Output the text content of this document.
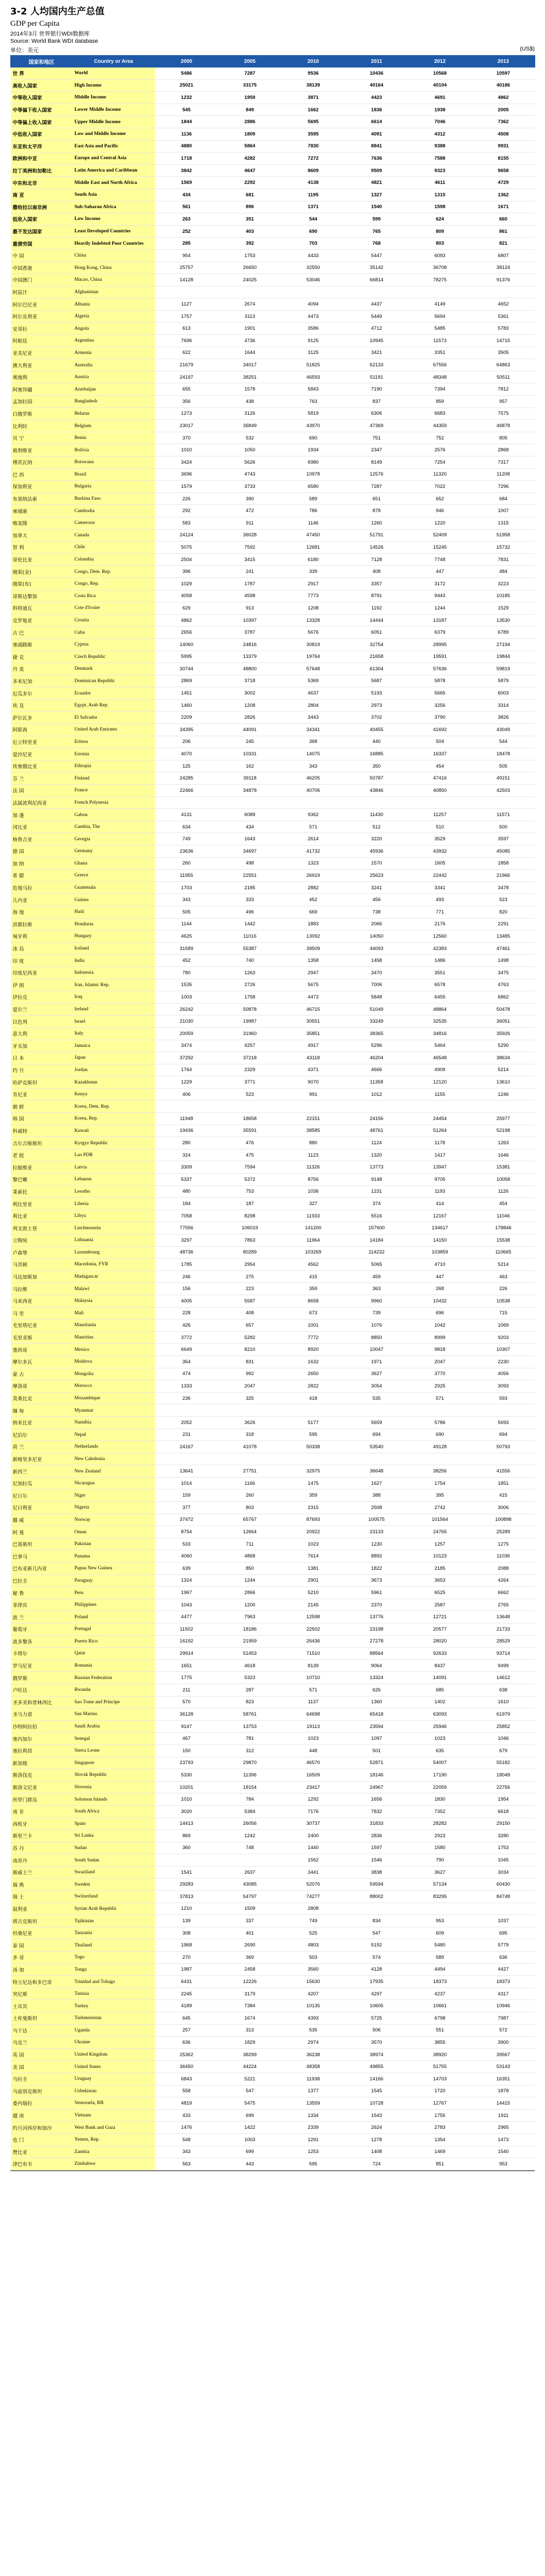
3-2 人均国内生产总值
GDP per Capita
2014年3月 世界银行WDI数据库
Source: World Bank WDI database
单位：美元	(US$)
国家和地区	Country or Area	2000	2005	2010	2011	2012	2013
世 界	World	5486	7287	9536	10436	10568	10597
高收入国家	High Income	25021	33175	38139	40164	40104	40186
中等收入国家	Middle Income	1232	1959	3871	4423	4691	4862
中等偏下收入国家	Lower Middle Income	545	849	1662	1836	1938	2005
中等偏上收入国家	Upper Middle Income	1844	2886	5695	6614	7046	7362
中低收入国家	Low and Middle Income	1136	1809	3595	4091	4312	4508
东亚和太平洋	East Asia and Pacific	4880	5864	7830	8841	9388	9931
欧洲和中亚	Europe and Central Asia	1718	4282	7272	7636	7588	8155
拉丁美洲和加勒比	Latin America and Caribbean	3842	4647	8609	9509	9323	9658
中东和北非	Middle East and North Africa	1569	2292	4138	4821	4611	4729
南 亚	South Asia	434	681	1195	1327	1315	1362
撒哈拉以南非洲	Sub-Saharan Africa	561	896	1371	1540	1598	1671
低收入国家	Low Income	263	351	544	599	624	660
最不发达国家	Least Developed Countries	252	403	690	765	809	861
重债穷国	Heavily Indebted Poor Countries	285	392	703	768	803	821
中 国	China	954	1753	4433	5447	6093	6807
中国香港	Hong Kong, China	25757	26650	32550	35142	36708	38124
中国澳门	Macao, China	14128	24025	53046	66814	78275	91376
阿富汗	Afghanistan						
阿尔巴尼亚	Albania	1127	2674	4094	4437	4149	4652
阿尔及利亚	Algeria	1757	3113	4473	5449	5694	5361
安哥拉	Angola	613	1901	3586	4712	5485	5783
阿根廷	Argentina	7696	4736	9125	10945	11573	14715
亚美尼亚	Armenia	622	1644	3125	3421	3351	3505
澳大利亚	Australia	21679	34017	51825	62133	67556	64863
奥地利	Austria	24197	38251	46593	51191	48348	50511
阿塞拜疆	Azerbaijan	655	1578	5843	7190	7394	7812
孟加拉国	Bangladesh	356	438	763	837	859	957
白俄罗斯	Belarus	1273	3126	5819	6306	6683	7575
比利时	Belgium	23017	36849	43970	47369	44359	46878
贝 宁	Benin	370	532	690	751	752	805
玻利维亚	Bolivia	1010	1050	1934	2347	2576	2868
博茨瓦纳	Botswana	3424	5626	6980	8149	7254	7317
巴 西	Brazil	3696	4743	10978	12576	11320	11208
保加利亚	Bulgaria	1579	3733	6580	7287	7022	7296
布基纳法索	Burkina Faso	226	390	589	651	652	684
柬埔寨	Cambodia	292	472	786	878	946	1007
喀麦隆	Cameroon	583	911	1146	1260	1220	1315
加拿大	Canada	24124	36028	47450	51791	52409	51958
智 利	Chile	5075	7592	12681	14526	15245	15732
哥伦比亚	Colombia	2504	3415	6180	7128	7748	7831
刚果(金)	Congo, Dem. Rep.	396	241	339	408	447	484
刚果(布)	Congo, Rep.	1029	1787	2917	3357	3172	3223
哥斯达黎加	Costa Rica	4058	4598	7773	8791	9443	10185
科特迪瓦	Cote d'Ivoire	629	913	1208	1192	1244	1529
克罗地亚	Croatia	4862	10397	13328	14444	13187	13530
古 巴	Cuba	2656	3787	5676	6051	6379	6789
塞浦路斯	Cyprus	14060	24816	30819	32754	28995	27194
捷 克	Czech Republic	5995	13379	19764	21658	19591	19844
丹 麦	Denmark	30744	48800	57648	61304	57636	59819
多米尼加	Dominican Republic	2869	3718	5369	5687	5878	5879
厄瓜多尔	Ecuador	1451	3002	4637	5193	5665	6003
埃 及	Egypt, Arab Rep.	1460	1208	2804	2973	3256	3314
萨尔瓦多	El Salvador	2209	2826	3443	3702	3790	3826
阿联酋	United Arab Emirates	34395	44091	34341	40455	41692	43049
厄立特里亚	Eritrea	206	245	368	440	504	544
爱沙尼亚	Estonia	4070	10331	14075	16885	16337	18478
埃塞俄比亚	Ethiopia	125	162	343	350	454	505
芬 兰	Finland	24285	39118	46205	50787	47416	49151
法 国	France	22466	34878	40706	43846	40850	42503
法属波利尼西亚	French Polynesia						
加 蓬	Gabon	4131	6089	9362	11430	11257	11571
冈比亚	Gambia, The	634	434	571	512	510	500
格鲁吉亚	Georgia	749	1643	2614	3220	3529	3597
德 国	Germany	23636	34697	41732	45936	43932	45085
加 纳	Ghana	260	498	1323	1570	1605	1858
希 腊	Greece	11955	22551	26919	25623	22442	21966
危地马拉	Guatemala	1703	2185	2882	3241	3341	3478
几内亚	Guinea	343	333	452	456	493	523
海 地	Haiti	505	496	669	738	771	820
洪都拉斯	Honduras	1144	1442	1883	2066	2176	2291
匈牙利	Hungary	4625	11016	13092	14050	12560	13485
冰 岛	Iceland	31589	55387	39509	44093	42383	47461
印 度	India	452	740	1358	1458	1486	1498
印度尼西亚	Indonesia	780	1263	2947	3470	3551	3475
伊 朗	Iran, Islamic Rep.	1535	2726	5675	7006	6578	4763
伊拉克	Iraq	1003	1758	4473	5848	6455	6862
爱尔兰	Ireland	26242	50878	46715	51049	48864	50478
以色列	Israel	21030	19987	30551	33249	32535	36051
意大利	Italy	20059	31960	35851	38365	34816	35926
牙买加	Jamaica	3474	4257	4917	5296	5464	5290
日 本	Japan	37292	37218	43118	46204	46548	38634
约 旦	Jordan	1764	2329	4371	4666	4909	5214
哈萨克斯坦	Kazakhstan	1229	3771	9070	11358	12120	13610
肯尼亚	Kenya	406	523	991	1012	1155	1246
朝 鲜	Korea, Dem. Rep.						
韩 国	Korea, Rep.	11948	18658	22151	24156	24454	25977
科威特	Kuwait	19436	35591	38585	48761	51264	52198
吉尔吉斯斯坦	Kyrgyz Republic	280	476	880	1124	1178	1263
老 挝	Lao PDR	324	475	1123	1320	1417	1646
拉脱维亚	Latvia	3309	7594	11326	13773	13947	15381
黎巴嫩	Lebanon	5337	5372	8756	9148	9705	10058
莱索托	Lesotho	480	753	1036	1231	1193	1126
利比里亚	Liberia	184	187	327	374	414	454
利比亚	Libya	7058	8298	11933	5516	12167	11046
列支敦士登	Liechtenstein	77556	106019	141200	157600	134617	178846
立陶宛	Lithuania	3297	7863	11964	14184	14150	15538
卢森堡	Luxembourg	48736	80289	103269	114232	103859	110665
马其顿	Macedonia, FYR	1785	2954	4562	5065	4710	5214
马达加斯加	Madagascar	246	275	415	459	447	463
马拉维	Malawi	156	223	359	363	268	226
马来西亚	Malaysia	4005	5587	8658	9960	10432	10538
马 里	Mali	228	408	673	739	696	715
毛里塔尼亚	Mauritania	426	657	1001	1076	1042	1069
毛里求斯	Mauritius	3772	5282	7772	8850	8999	9203
墨西哥	Mexico	6649	8210	8920	10047	9818	10307
摩尔多瓦	Moldova	354	831	1632	1971	2047	2230
蒙 古	Mongolia	474	992	2650	3627	3770	4056
摩洛哥	Morocco	1333	2047	2822	3054	2925	3093
莫桑比克	Mozambique	236	325	418	535	571	593
缅 甸	Myanmar						
纳米比亚	Namibia	2052	3626	5177	5659	5786	5693
尼泊尔	Nepal	231	318	595	694	690	694
荷 兰	Netherlands	24167	41078	50338	53540	49128	50793
新喀里多尼亚	New Caledonia						
新西兰	New Zealand	13641	27751	32975	36648	38256	41556
尼加拉瓜	Nicaragua	1014	1166	1475	1627	1754	1851
尼日尔	Niger	159	260	359	388	395	415
尼日利亚	Nigeria	377	803	2315	2508	2742	3006
挪 威	Norway	37472	65767	87693	100575	101564	100898
阿 曼	Oman	8754	12664	20922	23133	24765	25289
巴基斯坦	Pakistan	533	711	1023	1230	1257	1275
巴拿马	Panama	4060	4868	7614	8892	10123	11036
巴布亚新几内亚	Papua New Guinea	639	850	1381	1822	2185	2088
巴拉圭	Paraguay	1324	1244	2901	3673	3653	4264
秘 鲁	Peru	1967	2866	5210	5961	6525	6662
菲律宾	Philippines	1043	1200	2145	2370	2587	2765
波 兰	Poland	4477	7963	12598	13776	12721	13648
葡萄牙	Portugal	11502	18186	22502	23198	20577	21733
波多黎各	Puerto Rico	16192	21959	26436	27278	28020	28529
卡塔尔	Qatar	29914	51453	71510	88564	92633	93714
罗马尼亚	Romania	1651	4618	8139	9064	8437	9499
俄罗斯	Russian Federation	1775	5323	10710	13324	14091	14612
卢旺达	Rwanda	211	287	571	626	685	638
圣多美和普林西比	Sao Tome and Principe	570	823	1137	1360	1402	1610
圣马力诺	San Marino	36128	58761	64698	65418	63093	61979
沙特阿拉伯	Saudi Arabia	9147	13753	19113	23594	25946	25852
塞内加尔	Senegal	467	781	1023	1097	1023	1046
塞拉利昂	Sierra Leone	150	312	448	501	635	679
新加坡	Singapore	23793	29870	46570	52871	54007	55182
斯洛伐克	Slovak Republic	5330	11396	16509	18146	17190	18049
斯洛文尼亚	Slovenia	10201	18154	23417	24967	22059	22756
所罗门群岛	Solomon Islands	1010	784	1292	1656	1830	1954
南 非	South Africa	3020	5384	7176	7832	7352	6618
西班牙	Spain	14413	26056	30737	31833	28282	29150
斯里兰卡	Sri Lanka	869	1242	2400	2836	2923	3280
苏 丹	Sudan	360	748	1440	1597	1580	1753
南苏丹	South Sudan			1562	1546	790	1045
斯威士兰	Swaziland	1541	2637	3441	3838	3627	3034
瑞 典	Sweden	29283	43085	52076	59594	57134	60430
瑞 士	Switzerland	37813	54797	74277	88002	83295	84748
叙利亚	Syrian Arab Republic	1210	1509	2808			
塔吉克斯坦	Tajikistan	139	337	749	834	953	1037
坦桑尼亚	Tanzania	308	401	525	547	609	695
泰 国	Thailand	1968	2690	4803	5192	5480	5779
多 哥	Togo	270	369	503	574	589	636
汤 加	Tonga	1987	2458	3560	4128	4494	4427
特立尼达和多巴哥	Trinidad and Tobago	6431	12226	15630	17935	18373	18373
突尼斯	Tunisia	2245	3179	4207	4297	4237	4317
土耳其	Turkey	4189	7384	10135	10605	10661	10946
土库曼斯坦	Turkmenistan	645	1674	4393	5725	6798	7987
乌干达	Uganda	257	313	535	506	551	572
乌克兰	Ukraine	636	1829	2974	3570	3855	3900
英 国	United Kingdom	25362	38299	36238	38974	38920	39567
美 国	United States	36450	44224	48358	49855	51755	53143
乌拉圭	Uruguay	6843	5221	11938	14166	14703	16351
乌兹别克斯坦	Uzbekistan	558	547	1377	1545	1720	1878
委内瑞拉	Venezuela, RB	4819	5475	13559	10728	12767	14415
越 南	Vietnam	433	699	1334	1543	1755	1911
约旦河西岸和加沙	West Bank and Gaza	1476	1422	2339	2624	2783	2965
也 门	Yemen, Rep.	548	1003	1291	1278	1354	1473
赞比亚	Zambia	343	699	1253	1408	1469	1540
津巴布韦	Zimbabwe	563	443	595	724	851	953
